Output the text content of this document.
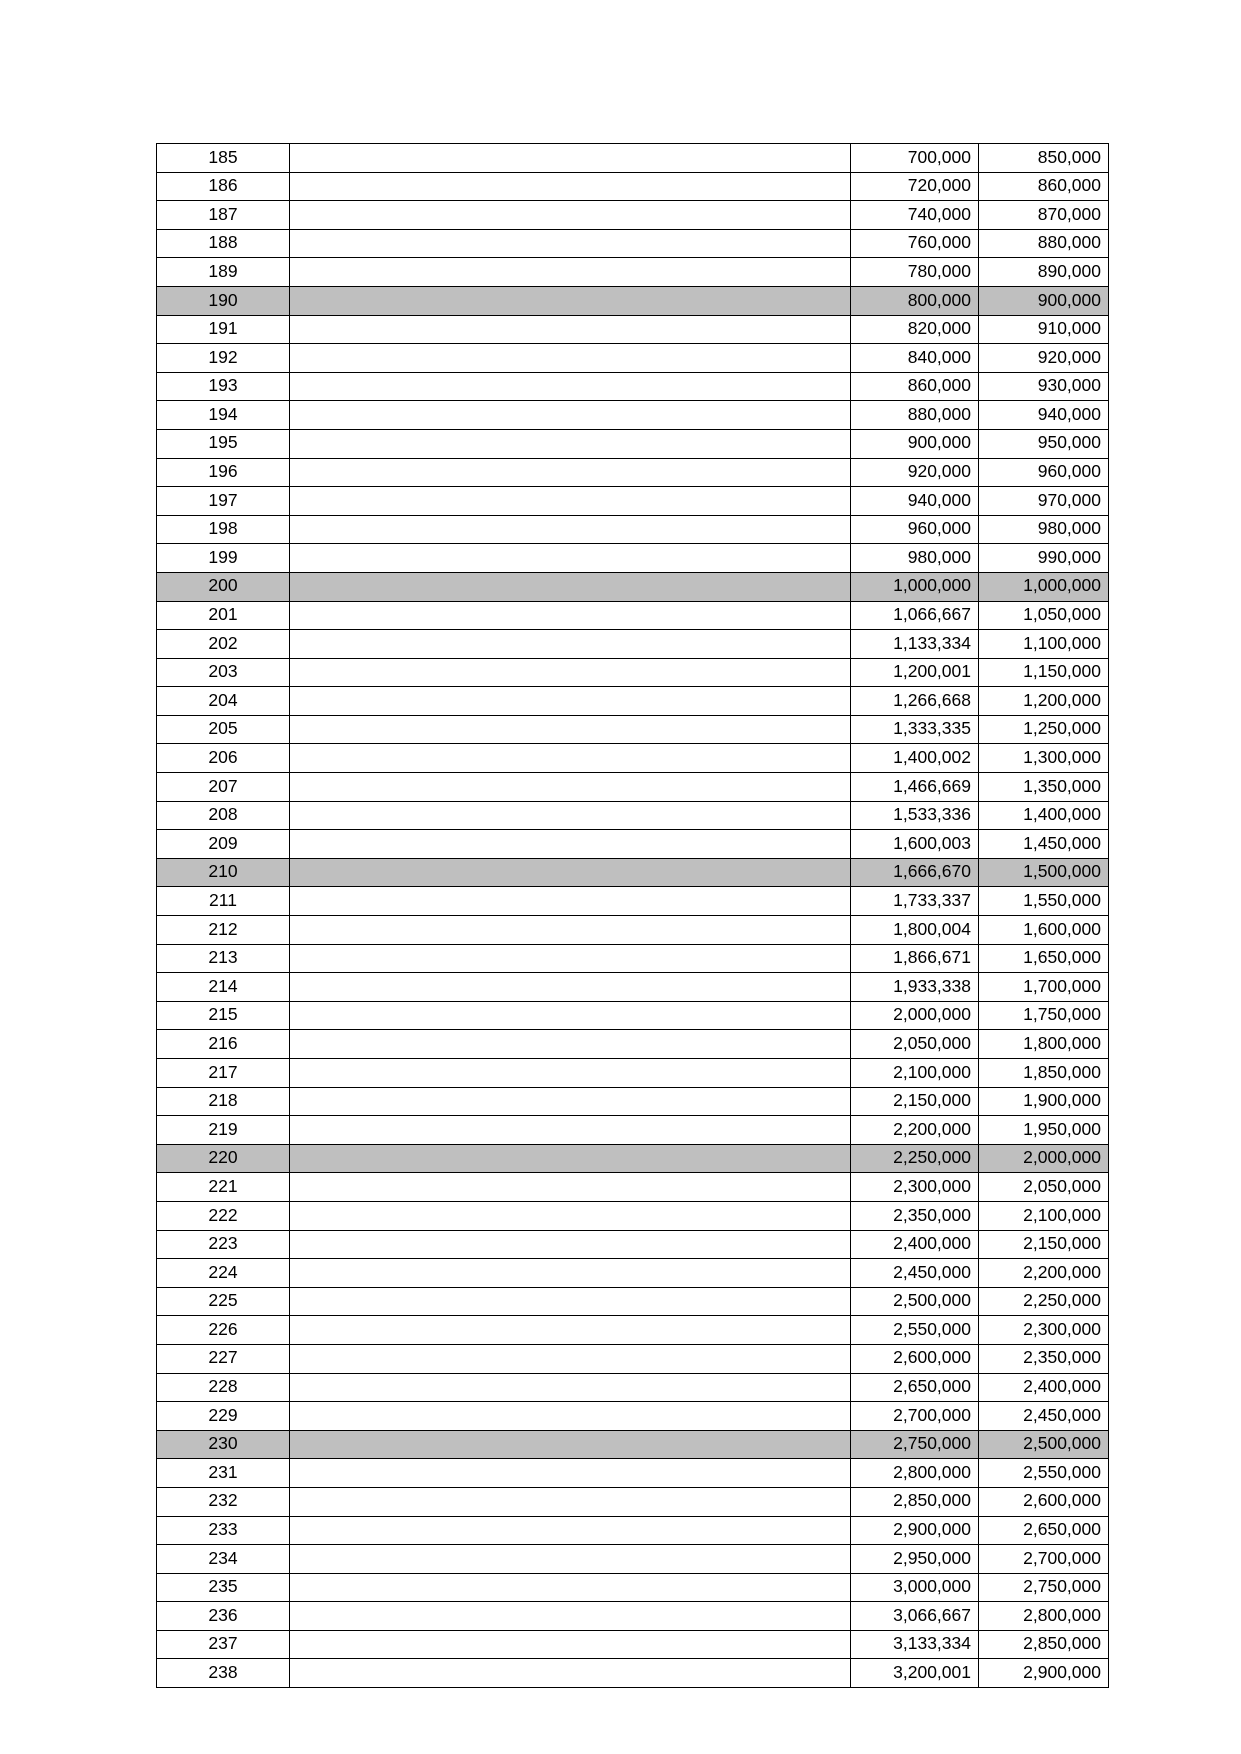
185		700,000	850,000
186		720,000	860,000
187		740,000	870,000
188		760,000	880,000
189		780,000	890,000
190		800,000	900,000
191		820,000	910,000
192		840,000	920,000
193		860,000	930,000
194		880,000	940,000
195		900,000	950,000
196		920,000	960,000
197		940,000	970,000
198		960,000	980,000
199		980,000	990,000
200		1,000,000	1,000,000
201		1,066,667	1,050,000
202		1,133,334	1,100,000
203		1,200,001	1,150,000
204		1,266,668	1,200,000
205		1,333,335	1,250,000
206		1,400,002	1,300,000
207		1,466,669	1,350,000
208		1,533,336	1,400,000
209		1,600,003	1,450,000
210		1,666,670	1,500,000
211		1,733,337	1,550,000
212		1,800,004	1,600,000
213		1,866,671	1,650,000
214		1,933,338	1,700,000
215		2,000,000	1,750,000
216		2,050,000	1,800,000
217		2,100,000	1,850,000
218		2,150,000	1,900,000
219		2,200,000	1,950,000
220		2,250,000	2,000,000
221		2,300,000	2,050,000
222		2,350,000	2,100,000
223		2,400,000	2,150,000
224		2,450,000	2,200,000
225		2,500,000	2,250,000
226		2,550,000	2,300,000
227		2,600,000	2,350,000
228		2,650,000	2,400,000
229		2,700,000	2,450,000
230		2,750,000	2,500,000
231		2,800,000	2,550,000
232		2,850,000	2,600,000
233		2,900,000	2,650,000
234		2,950,000	2,700,000
235		3,000,000	2,750,000
236		3,066,667	2,800,000
237		3,133,334	2,850,000
238		3,200,001	2,900,000
